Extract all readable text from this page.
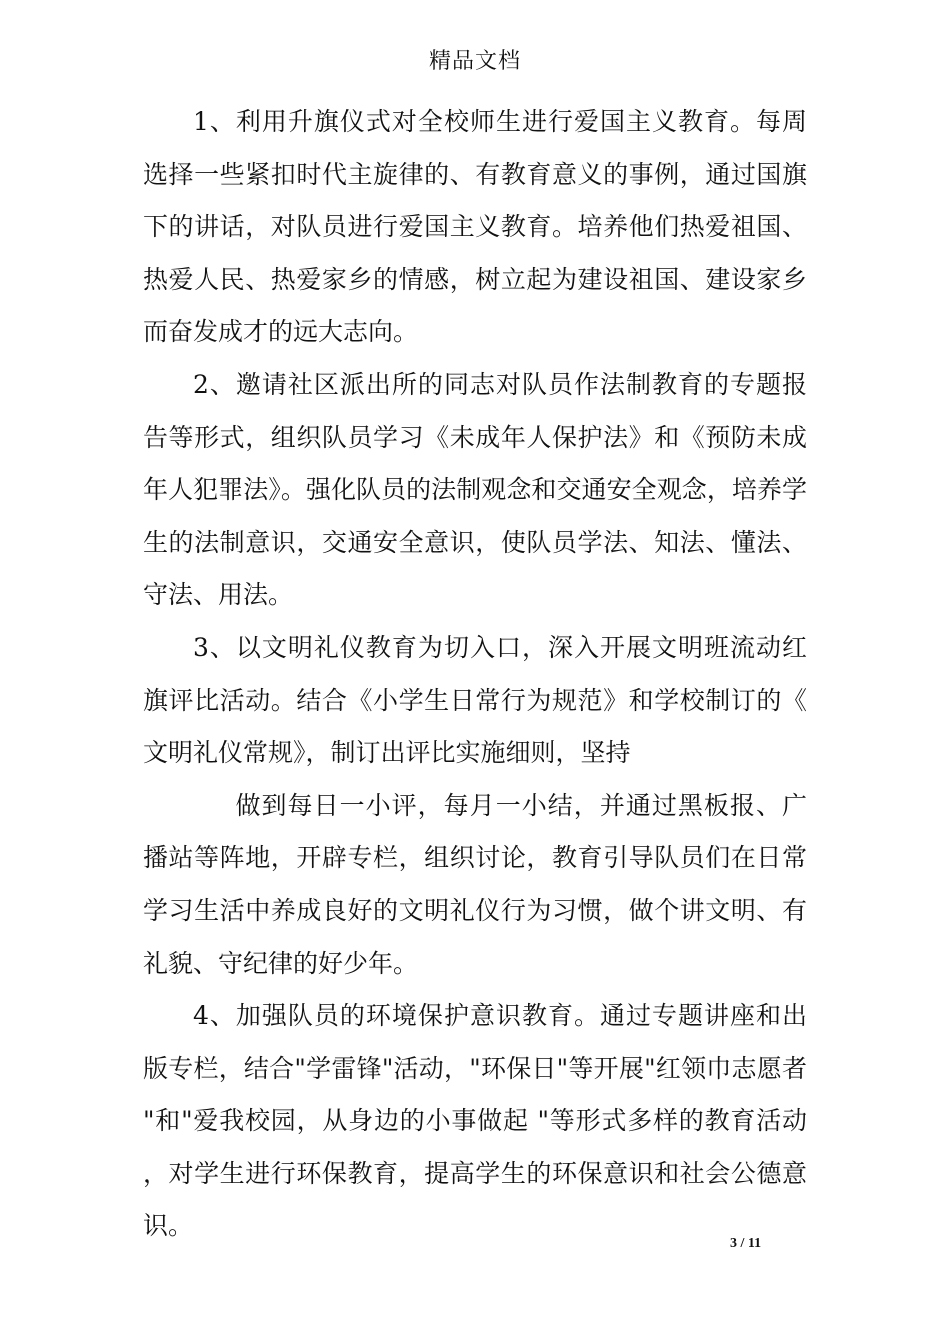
精品文档

1、利用升旗仪式对全校师生进行爱国主义教育。每周选择一些紧扣时代主旋律的、有教育意义的事例，通过国旗下的讲话，对队员进行爱国主义教育。培养他们热爱祖国、热爱人民、热爱家乡的情感，树立起为建设祖国、建设家乡而奋发成才的远大志向。

2、邀请社区派出所的同志对队员作法制教育的专题报告等形式，组织队员学习《未成年人保护法》和《预防未成年人犯罪法》。强化队员的法制观念和交通安全观念，培养学生的法制意识，交通安全意识，使队员学法、知法、懂法、守法、用法。

3、以文明礼仪教育为切入口，深入开展文明班流动红旗评比活动。结合《小学生日常行为规范》和学校制订的《文明礼仪常规》，制订出评比实施细则，坚持

做到每日一小评，每月一小结，并通过黑板报、广播站等阵地，开辟专栏，组织讨论，教育引导队员们在日常学习生活中养成良好的文明礼仪行为习惯，做个讲文明、有礼貌、守纪律的好少年。

4、加强队员的环境保护意识教育。通过专题讲座和出版专栏，结合"学雷锋"活动，"环保日"等开展"红领巾志愿者"和"爱我校园，从身边的小事做起 "等形式多样的教育活动，对学生进行环保教育，提高学生的环保意识和社会公德意识。

3 / 11
